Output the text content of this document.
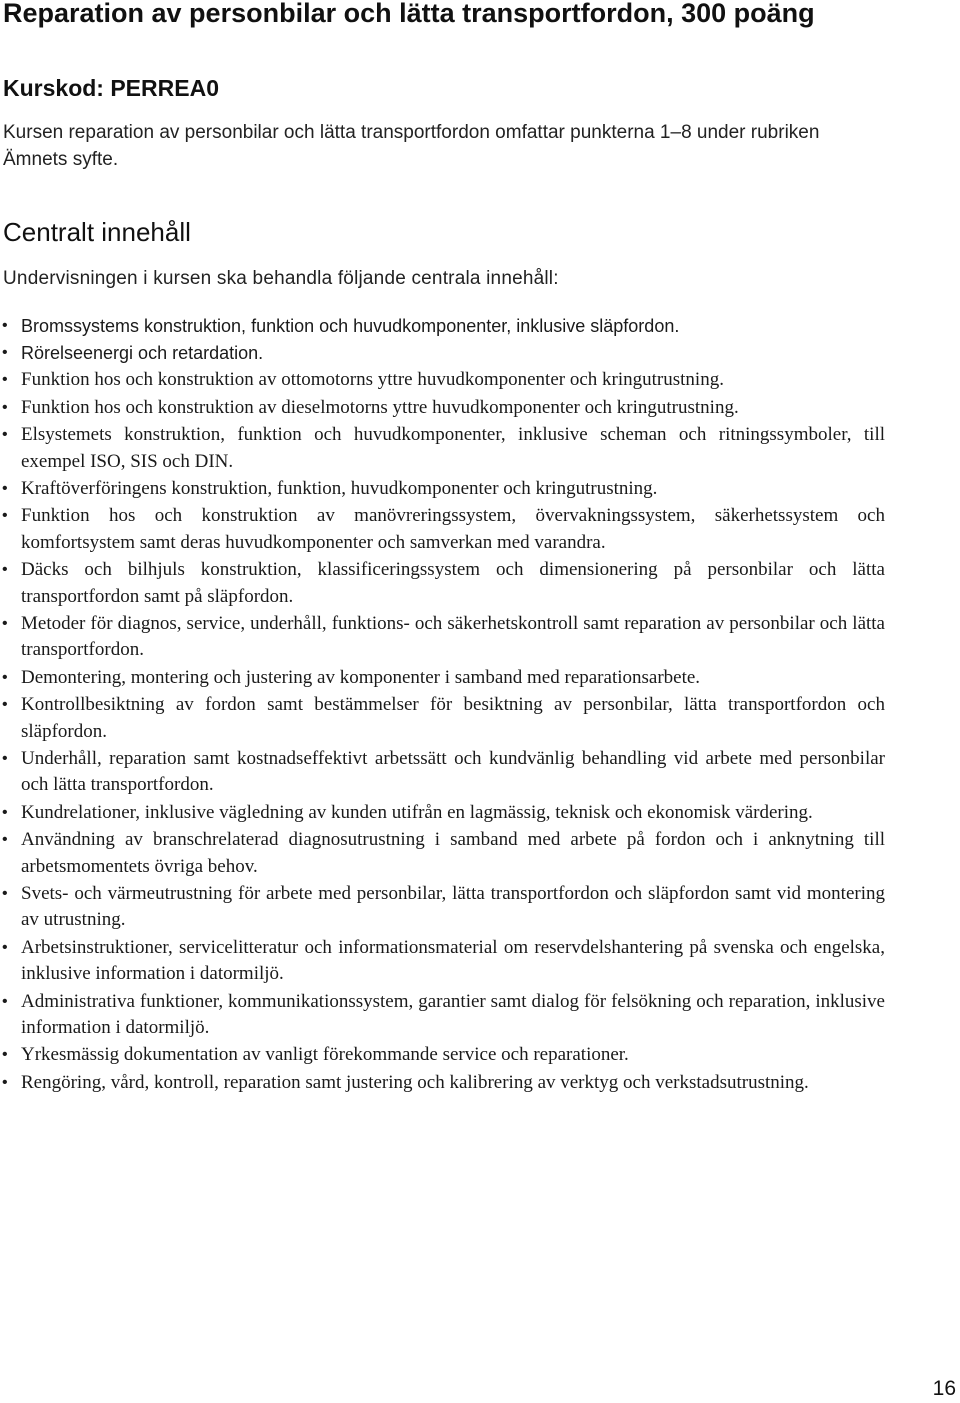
Reparation av personbilar och lätta transportfordon, 300 poäng
Kurskod: PERREA0

Kursen reparation av personbilar och lätta transportfordon omfattar punkterna 1–8 under rubriken Ämnets syfte.

Centralt innehåll

Undervisningen i kursen ska behandla följande centrala innehåll:

• Bromssystems konstruktion, funktion och huvudkomponenter, inklusive släpfordon.
• Rörelseenergi och retardation.
• Funktion hos och konstruktion av ottomotorns yttre huvudkomponenter och kringutrustning.
• Funktion hos och konstruktion av dieselmotorns yttre huvudkomponenter och kringutrustning.
• Elsystemets konstruktion, funktion och huvudkomponenter, inklusive scheman och ritningssymboler, till exempel ISO, SIS och DIN.
• Kraftöverföringens konstruktion, funktion, huvudkomponenter och kringutrustning.
• Funktion hos och konstruktion av manövreringssystem, övervakningssystem, säkerhetssystem och komfortsystem samt deras huvudkomponenter och samverkan med varandra.
• Däcks och bilhjuls konstruktion, klassificeringssystem och dimensionering på personbilar och lätta transportfordon samt på släpfordon.
• Metoder för diagnos, service, underhåll, funktions- och säkerhetskontroll samt reparation av personbilar och lätta transportfordon.
• Demontering, montering och justering av komponenter i samband med reparationsarbete.
• Kontrollbesiktning av fordon samt bestämmelser för besiktning av personbilar, lätta transportfordon och släpfordon.
• Underhåll, reparation samt kostnadseffektivt arbetssätt och kundvänlig behandling vid arbete med personbilar och lätta transportfordon.
• Kundrelationer, inklusive vägledning av kunden utifrån en lagmässig, teknisk och ekonomisk värdering.
• Användning av branschrelaterad diagnosutrustning i samband med arbete på fordon och i anknytning till arbetsmomentets övriga behov.
• Svets- och värmeutrustning för arbete med personbilar, lätta transportfordon och släpfordon samt vid montering av utrustning.
• Arbetsinstruktioner, servicelitteratur och informationsmaterial om reservdelshantering på svenska och engelska, inklusive information i datormiljö.
• Administrativa funktioner, kommunikationssystem, garantier samt dialog för felsökning och reparation, inklusive information i datormiljö.
• Yrkesmässig dokumentation av vanligt förekommande service och reparationer.
• Rengöring, vård, kontroll, reparation samt justering och kalibrering av verktyg och verkstadsutrustning.
16
